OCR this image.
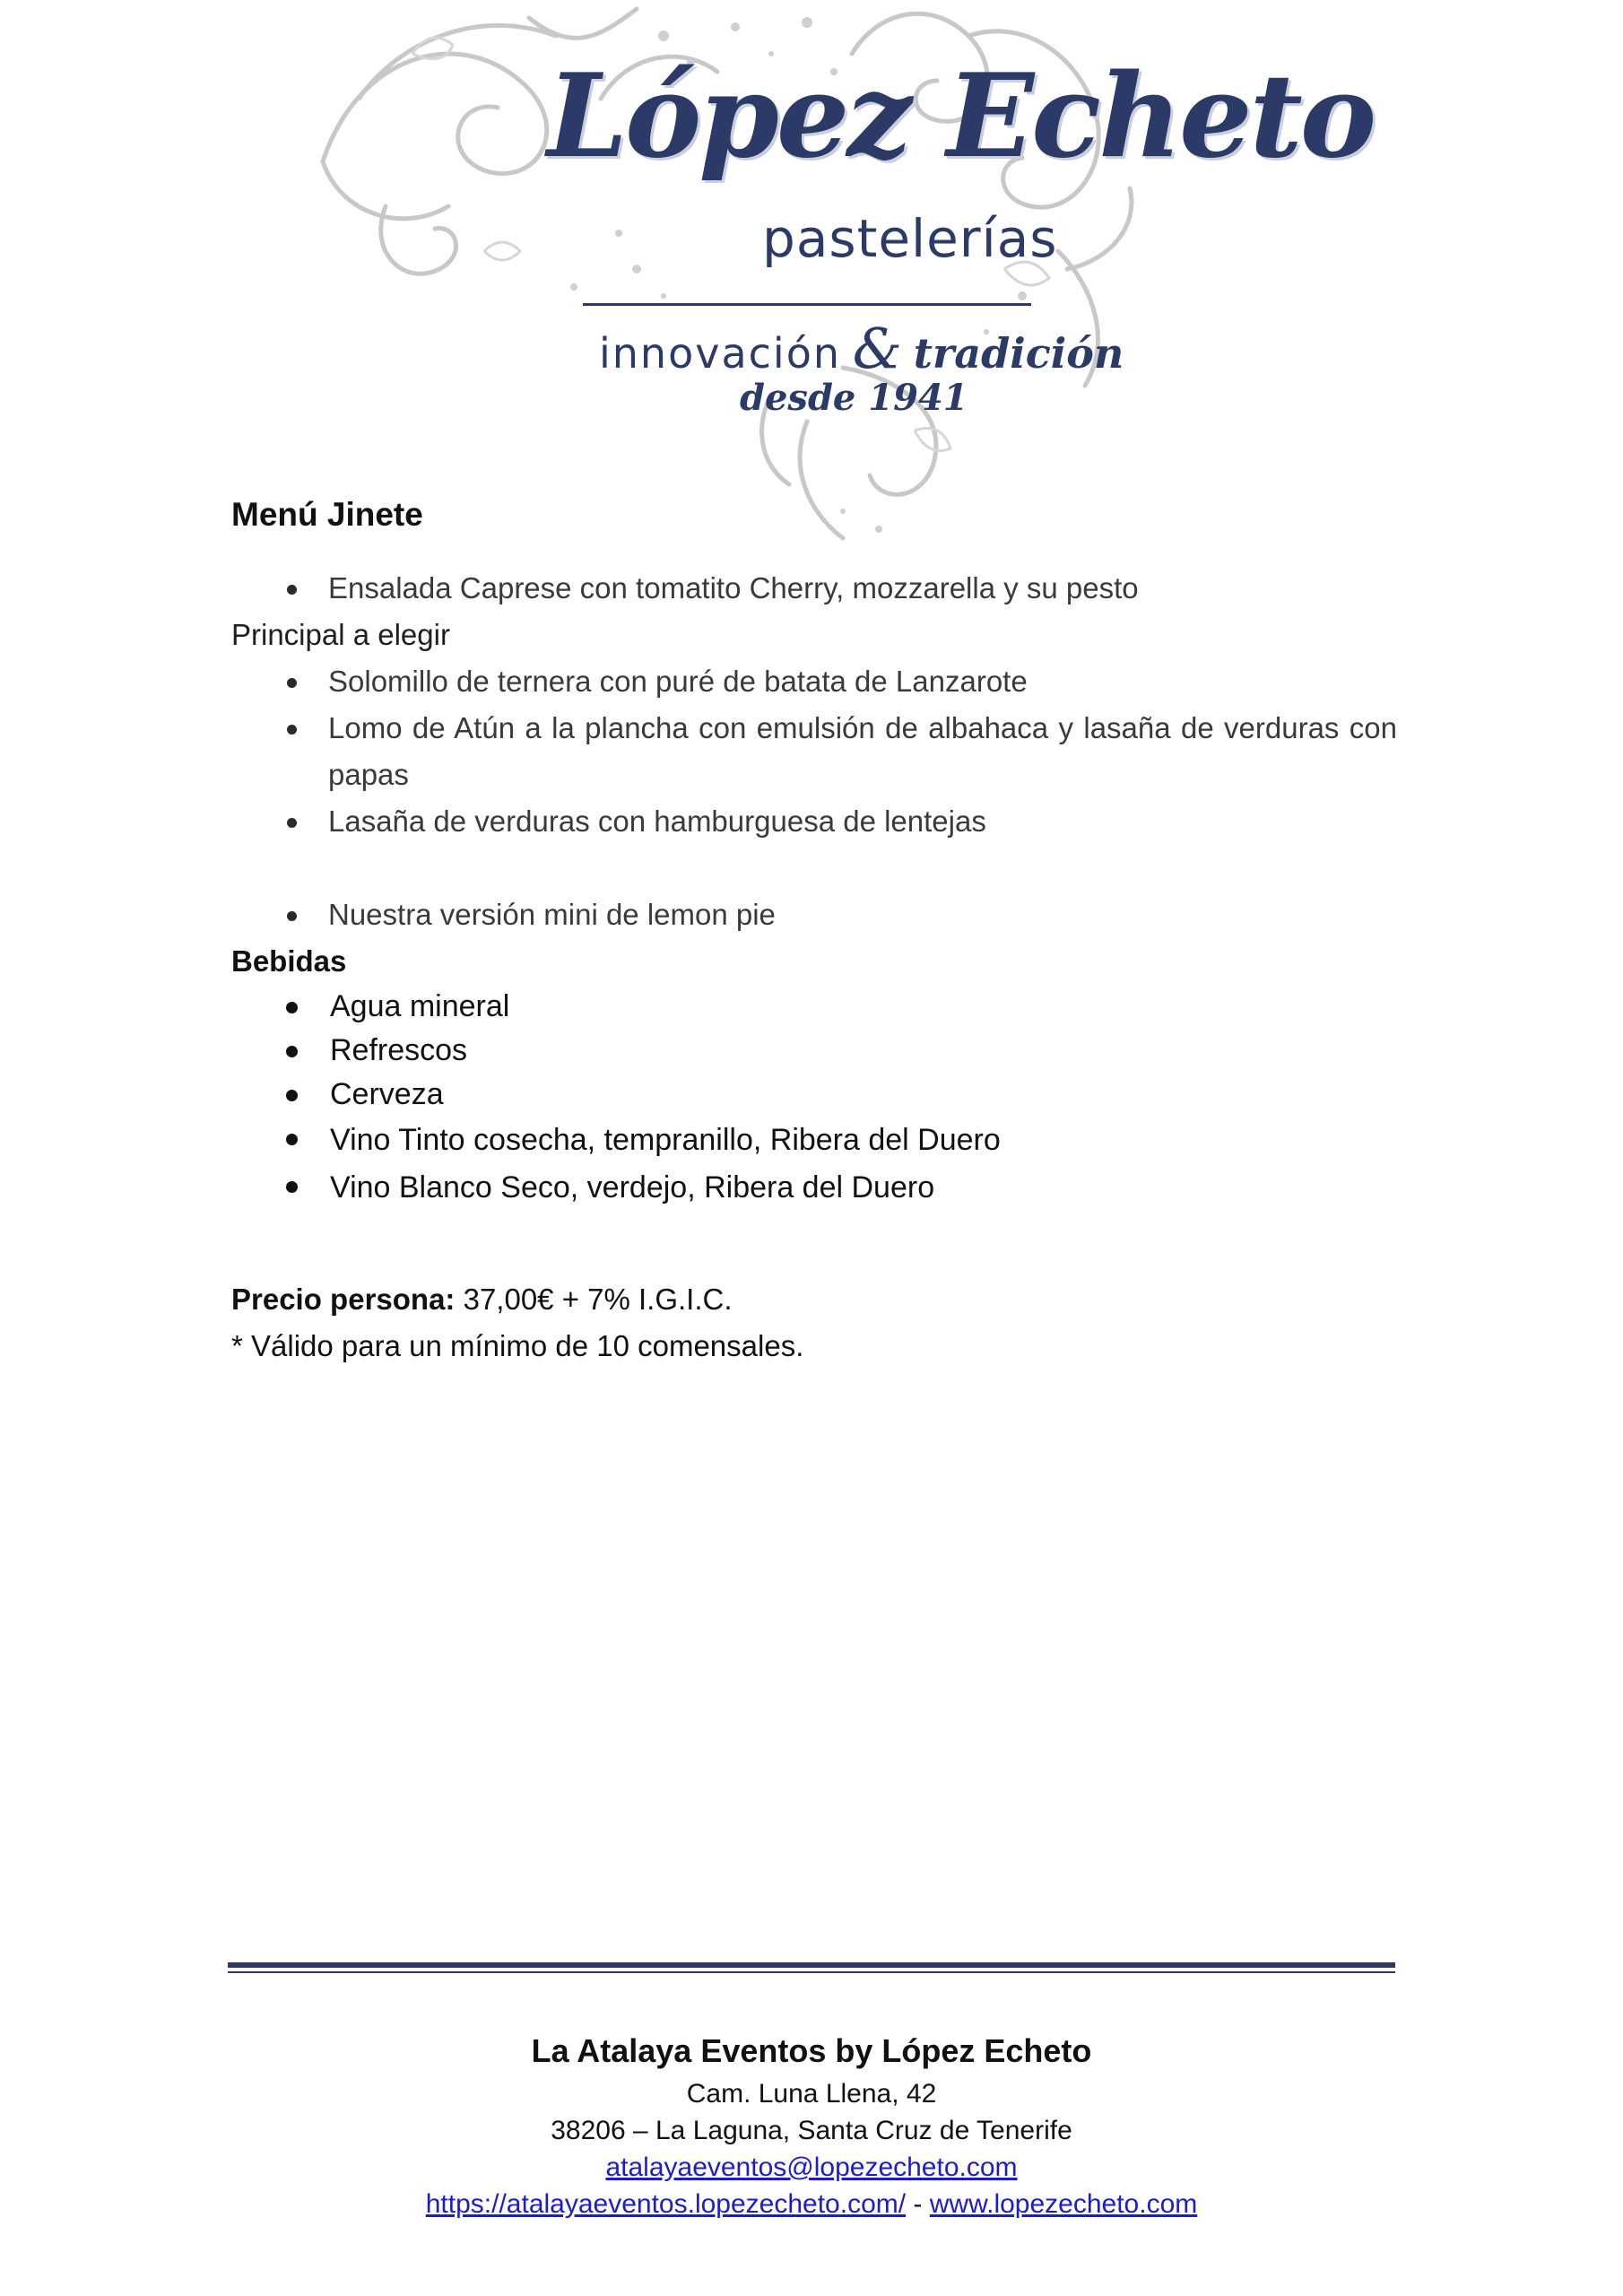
López Echeto
pastelerías
innovación & tradición
desde 1941
Menú Jinete
Ensalada Caprese con tomatito Cherry, mozzarella y su pesto
Principal a elegir
Solomillo de ternera con puré de batata de Lanzarote
Lomo de Atún a la plancha con emulsión de albahaca y lasaña de verduras con papas
Lasaña de verduras con hamburguesa de lentejas
Nuestra versión mini de lemon pie
Bebidas
Agua mineral
Refrescos
Cerveza
Vino Tinto cosecha, tempranillo, Ribera del Duero
Vino Blanco Seco, verdejo, Ribera del Duero
Precio persona: 37,00€ + 7% I.G.I.C.
* Válido para un mínimo de 10 comensales.
La Atalaya Eventos by López Echeto
Cam. Luna Llena, 42
38206 – La Laguna, Santa Cruz de Tenerife
atalayaeventos@lopezecheto.com
https://atalayaeventos.lopezecheto.com/ - www.lopezecheto.com
